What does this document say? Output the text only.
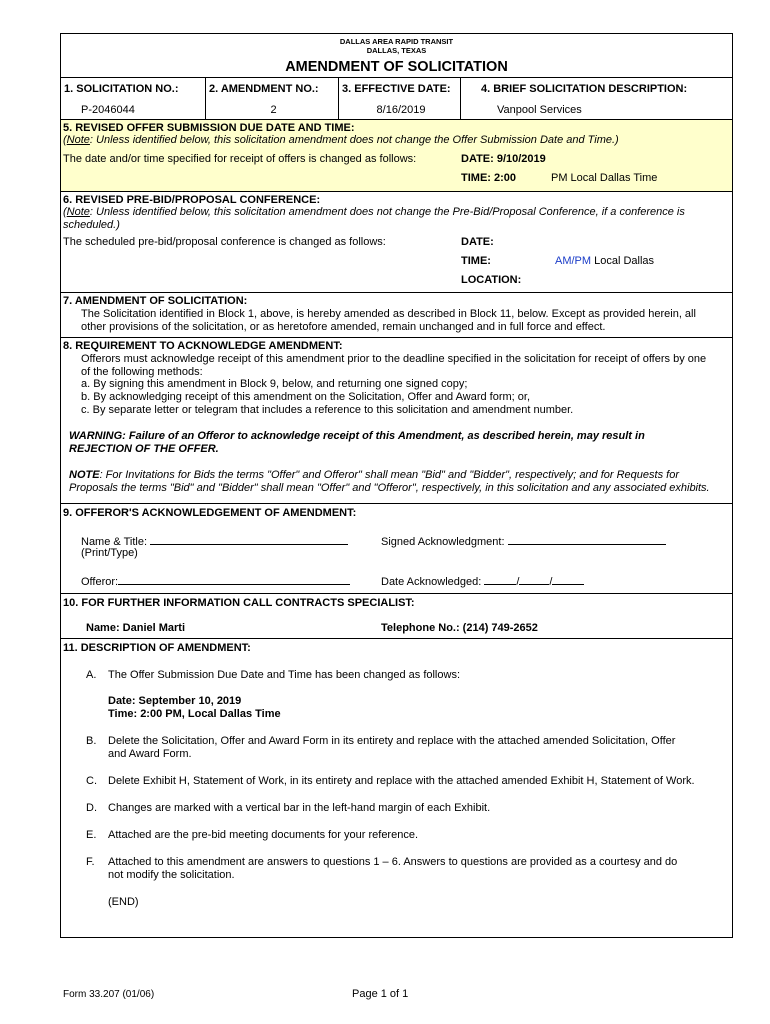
DALLAS AREA RAPID TRANSIT
DALLAS, TEXAS
AMENDMENT OF SOLICITATION
1. SOLICITATION NO.:	2. AMENDMENT NO.:	3. EFFECTIVE DATE:	4. BRIEF SOLICITATION DESCRIPTION:
P-2046044	2	8/16/2019	Vanpool Services
5. REVISED OFFER SUBMISSION DUE DATE AND TIME:
(Note: Unless identified below, this solicitation amendment does not change the Offer Submission Date and Time.)
The date and/or time specified for receipt of offers is changed as follows:	DATE: 9/10/2019
TIME: 2:00	PM Local Dallas Time
6. REVISED PRE-BID/PROPOSAL CONFERENCE:
(Note: Unless identified below, this solicitation amendment does not change the Pre-Bid/Proposal Conference, if a conference is
scheduled.)
The scheduled pre-bid/proposal conference is changed as follows:	DATE:
TIME:	AM/PM Local Dallas
LOCATION:
7. AMENDMENT OF SOLICITATION:
The Solicitation identified in Block 1, above, is hereby amended as described in Block 11, below. Except as provided herein, all
other provisions of the solicitation, or as heretofore amended, remain unchanged and in full force and effect.
8. REQUIREMENT TO ACKNOWLEDGE AMENDMENT:
Offerors must acknowledge receipt of this amendment prior to the deadline specified in the solicitation for receipt of offers by one
of the following methods:
a. By signing this amendment in Block 9, below, and returning one signed copy;
b. By acknowledging receipt of this amendment on the Solicitation, Offer and Award form; or,
c. By separate letter or telegram that includes a reference to this solicitation and amendment number.
WARNING: Failure of an Offeror to acknowledge receipt of this Amendment, as described herein, may result in
REJECTION OF THE OFFER.
NOTE: For Invitations for Bids the terms "Offer" and Offeror" shall mean "Bid" and "Bidder", respectively; and for Requests for
Proposals the terms "Bid" and "Bidder" shall mean "Offer" and "Offeror", respectively, in this solicitation and any associated exhibits.
9. OFFEROR'S ACKNOWLEDGEMENT OF AMENDMENT:
Name & Title:
(Print/Type)
Signed Acknowledgment:
Offeror:	Date Acknowledged:	/	/
10. FOR FURTHER INFORMATION CALL CONTRACTS SPECIALIST:
Name: Daniel Marti	Telephone No.: (214) 749-2652
11. DESCRIPTION OF AMENDMENT:
A. The Offer Submission Due Date and Time has been changed as follows:
Date: September 10, 2019
Time: 2:00 PM, Local Dallas Time
B. Delete the Solicitation, Offer and Award Form in its entirety and replace with the attached amended Solicitation, Offer
and Award Form.
C. Delete Exhibit H, Statement of Work, in its entirety and replace with the attached amended Exhibit H, Statement of Work.
D. Changes are marked with a vertical bar in the left-hand margin of each Exhibit.
E. Attached are the pre-bid meeting documents for your reference.
F. Attached to this amendment are answers to questions 1 – 6. Answers to questions are provided as a courtesy and do
not modify the solicitation.
(END)
Form 33.207 (01/06)	Page 1 of 1
